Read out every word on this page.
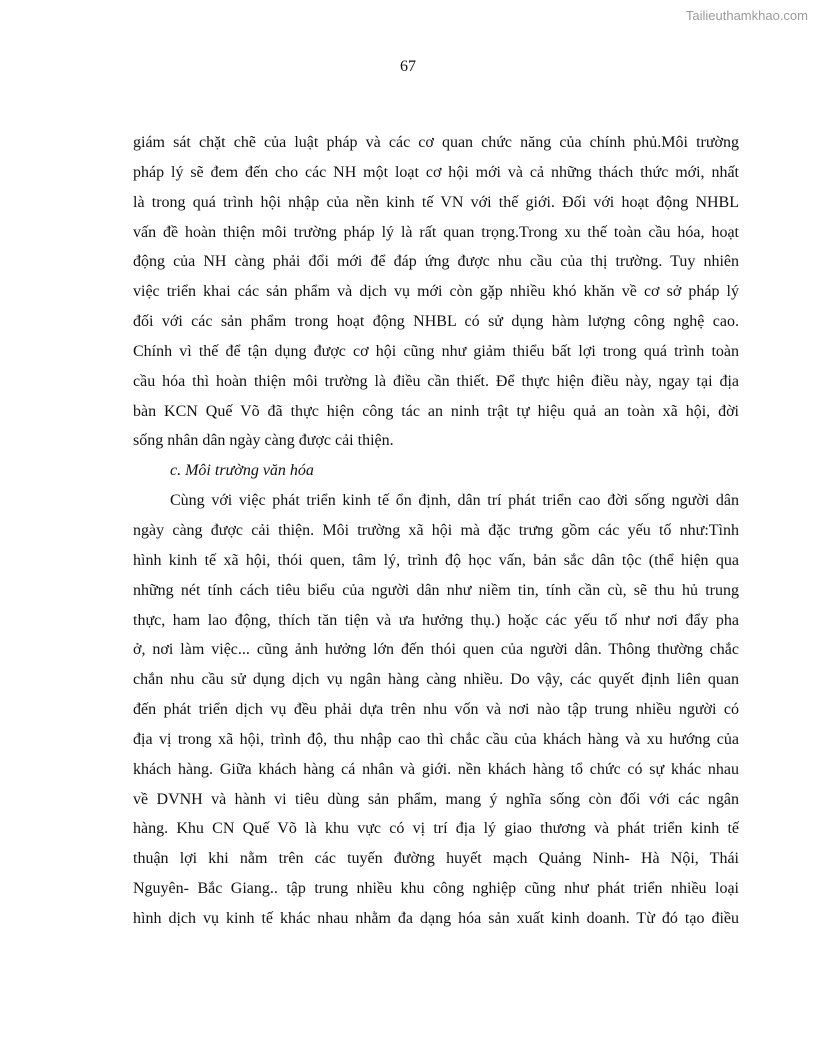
Tailieuthamkhao.com
67
giám sát chặt chẽ của luật pháp và các cơ quan chức năng của chính phủ.Môi trường
pháp lý sẽ đem đến cho các NH một loạt cơ hội mới và cả những thách thức mới, nhất
là trong quá trình hội nhập của nền kinh tế VN với thế giới. Đối với hoạt động NHBL
vấn đề hoàn thiện môi trường pháp lý là rất quan trọng.Trong xu thế toàn cầu hóa, hoạt
động của NH càng phải đổi mới để đáp ứng được nhu cầu của thị trường. Tuy nhiên
việc triển khai các sản phẩm và dịch vụ mới còn gặp nhiều khó khăn về cơ sở pháp lý
đối với các sản phẩm trong hoạt động NHBL có sử dụng hàm lượng công nghệ cao.
Chính vì thế để tận dụng được cơ hội cũng như giảm thiểu bất lợi trong quá trình toàn
cầu hóa thì hoàn thiện môi trường là điều cần thiết. Để thực hiện điều này, ngay tại địa
bàn KCN Quế Võ đã thực hiện công tác an ninh trật tự hiệu quả an toàn xã hội, đời
sống nhân dân ngày càng được cải thiện.
c. Môi trường văn hóa
Cùng với việc phát triển kinh tế ổn định, dân trí phát triển cao đời sống người dân
ngày càng được cải thiện. Môi trường xã hội mà đặc trưng gồm các yếu tố như:Tình
hình kinh tế xã hội, thói quen, tâm lý, trình độ học vấn, bản sắc dân tộc (thể hiện qua
những nét tính cách tiêu biểu của người dân như niềm tin, tính cần cù, sẽ thu hủ trung
thực, ham lao động, thích tăn tiện và ưa hưởng thụ.) hoặc các yếu tố như nơi đẩy pha
ở, nơi làm việc... cũng ảnh hưởng lớn đến thói quen của người dân. Thông thường chắc
chắn nhu cầu sử dụng dịch vụ ngân hàng càng nhiều. Do vậy, các quyết định liên quan
đến phát triển dịch vụ đều phải dựa trên nhu vốn và nơi nào tập trung nhiều người có
địa vị trong xã hội, trình độ, thu nhập cao thì chắc cầu của khách hàng và xu hướng của
khách hàng. Giữa khách hàng cá nhân và giới. nền khách hàng tổ chức có sự khác nhau
về DVNH và hành vi tiêu dùng sản phẩm, mang ý nghĩa sống còn đối với các ngân
hàng. Khu CN Quế Võ là khu vực có vị trí địa lý giao thương và phát triển kinh tế
thuận lợi khi nằm trên các tuyến đường huyết mạch Quảng Ninh- Hà Nội, Thái
Nguyên- Bắc Giang.. tập trung nhiều khu công nghiệp cũng như phát triển nhiều loại
hình dịch vụ kinh tế khác nhau nhằm đa dạng hóa sản xuất kinh doanh. Từ đó tạo điều
